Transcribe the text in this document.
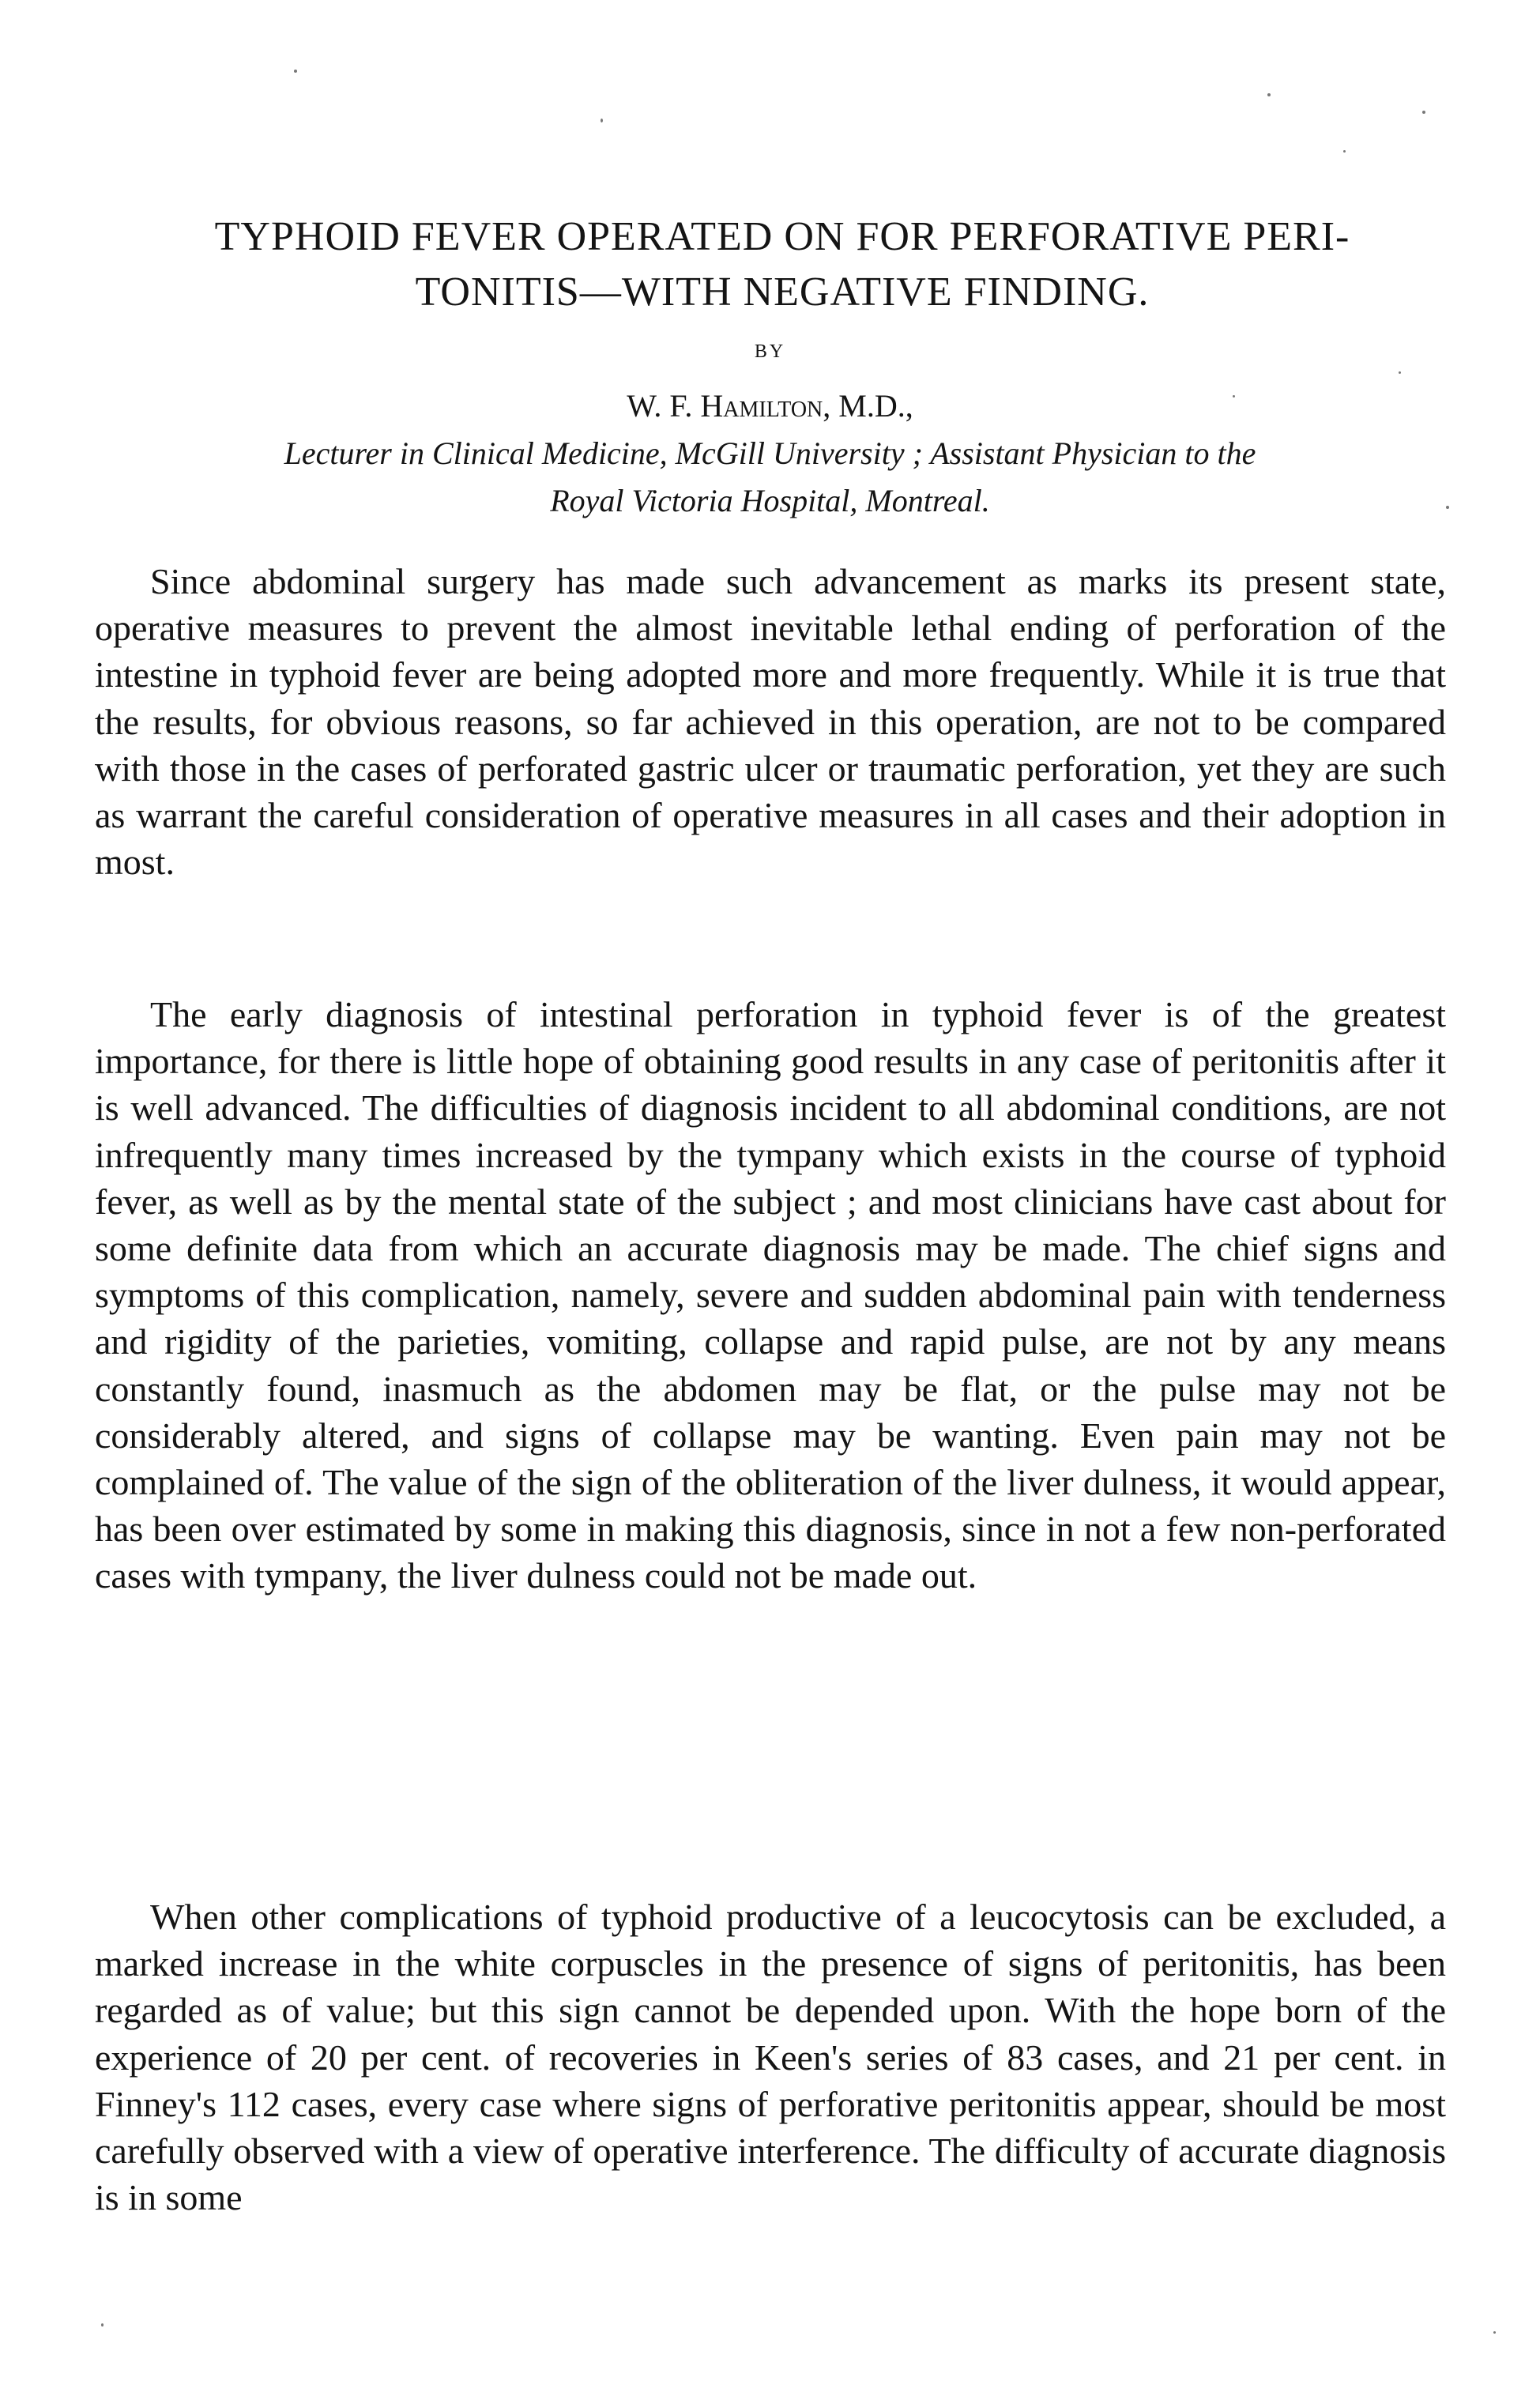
TYPHOID FEVER OPERATED ON FOR PERFORATIVE PERI-
TONITIS—WITH NEGATIVE FINDING.
BY
W. F. Hamilton, M.D.,
Lecturer in Clinical Medicine, McGill University ; Assistant Physician to the
Royal Victoria Hospital, Montreal.

Since abdominal surgery has made such advancement as marks its present state, operative measures to prevent the almost inevitable lethal ending of perforation of the intestine in typhoid fever are being adopted more and more frequently. While it is true that the results, for obvious reasons, so far achieved in this operation, are not to be compared with those in the cases of perforated gastric ulcer or traumatic perforation, yet they are such as warrant the careful consideration of operative measures in all cases and their adoption in most.

The early diagnosis of intestinal perforation in typhoid fever is of the greatest importance, for there is little hope of obtaining good results in any case of peritonitis after it is well advanced. The difficulties of diagnosis incident to all abdominal conditions, are not infrequently many times increased by the tympany which exists in the course of typhoid fever, as well as by the mental state of the subject ; and most clinicians have cast about for some definite data from which an accurate diagnosis may be made. The chief signs and symptoms of this complication, namely, severe and sudden abdominal pain with tenderness and rigidity of the parieties, vomiting, collapse and rapid pulse, are not by any means constantly found, inasmuch as the abdomen may be flat, or the pulse may not be considerably altered, and signs of collapse may be wanting. Even pain may not be complained of. The value of the sign of the obliteration of the liver dulness, it would appear, has been over estimated by some in making this diagnosis, since in not a few non-perforated cases with tympany, the liver dulness could not be made out.

When other complications of typhoid productive of a leucocytosis can be excluded, a marked increase in the white corpuscles in the presence of signs of peritonitis, has been regarded as of value; but this sign cannot be depended upon. With the hope born of the experience of 20 per cent. of recoveries in Keen's series of 83 cases, and 21 per cent. in Finney's 112 cases, every case where signs of perforative peritonitis appear, should be most carefully observed with a view of operative interference. The difficulty of accurate diagnosis is in some
